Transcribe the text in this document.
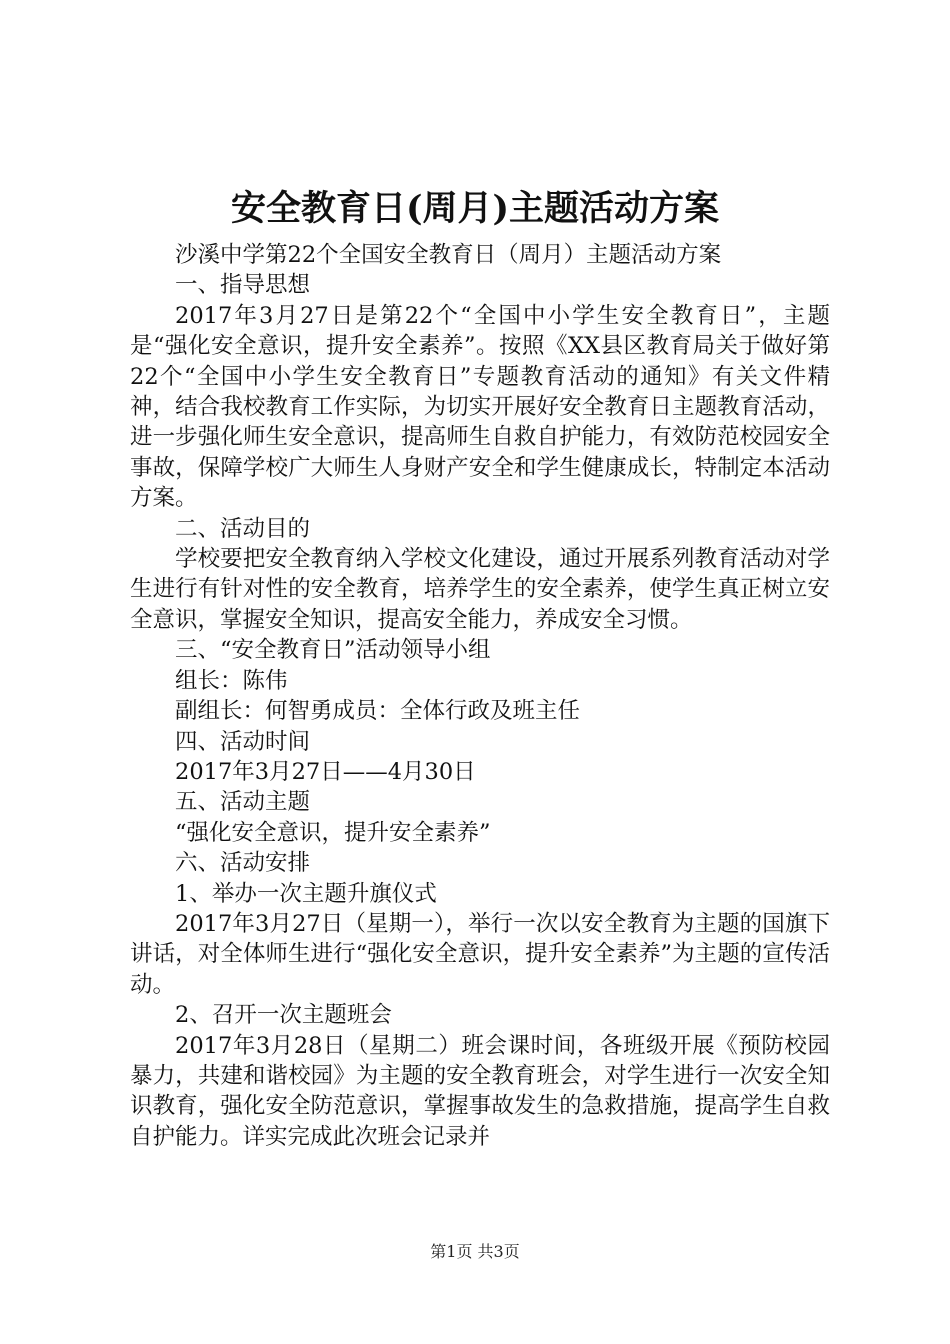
安全教育日(周月)主题活动方案

沙溪中学第22个全国安全教育日（周月）主题活动方案

一、指导思想

2017年3月27日是第22个“全国中小学生安全教育日”，主题是“强化安全意识，提升安全素养”。按照《XX县区教育局关于做好第22个“全国中小学生安全教育日”专题教育活动的通知》有关文件精神，结合我校教育工作实际，为切实开展好安全教育日主题教育活动，进一步强化师生安全意识，提高师生自救自护能力，有效防范校园安全事故，保障学校广大师生人身财产安全和学生健康成长，特制定本活动方案。

二、活动目的

学校要把安全教育纳入学校文化建设，通过开展系列教育活动对学生进行有针对性的安全教育，培养学生的安全素养，使学生真正树立安全意识，掌握安全知识，提高安全能力，养成安全习惯。

三、“安全教育日”活动领导小组

组长：陈伟

副组长：何智勇成员：全体行政及班主任

四、活动时间

2017年3月27日——4月30日

五、活动主题

“强化安全意识，提升安全素养”

六、活动安排

1、举办一次主题升旗仪式

2017年3月27日（星期一），举行一次以安全教育为主题的国旗下讲话，对全体师生进行“强化安全意识，提升安全素养”为主题的宣传活动。

2、召开一次主题班会

2017年3月28日（星期二）班会课时间，各班级开展《预防校园暴力，共建和谐校园》为主题的安全教育班会，对学生进行一次安全知识教育，强化安全防范意识，掌握事故发生的急救措施，提高学生自救自护能力。详实完成此次班会记录并

第1页 共3页
